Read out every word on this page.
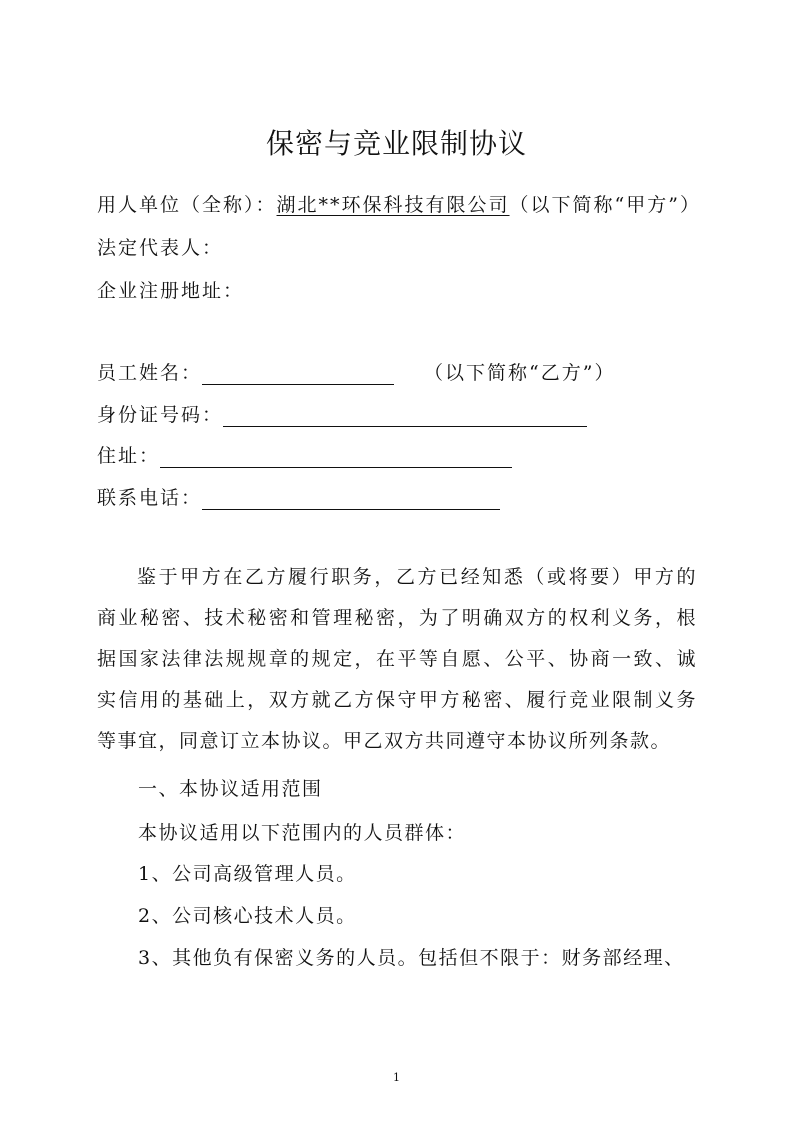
保密与竞业限制协议
用人单位（全称）：湖北**环保科技有限公司（以下简称“甲方”）
法定代表人：
企业注册地址：
员工姓名：	（以下简称“乙方”）
身份证号码：
住址：
联系电话：
鉴于甲方在乙方履行职务，乙方已经知悉（或将要）甲方的
商业秘密、技术秘密和管理秘密，为了明确双方的权利义务，根
据国家法律法规规章的规定，在平等自愿、公平、协商一致、诚
实信用的基础上，双方就乙方保守甲方秘密、履行竞业限制义务
等事宜，同意订立本协议。甲乙双方共同遵守本协议所列条款。
一、本协议适用范围
本协议适用以下范围内的人员群体：
1、公司高级管理人员。
2、公司核心技术人员。
3、其他负有保密义务的人员。包括但不限于：财务部经理、
1
